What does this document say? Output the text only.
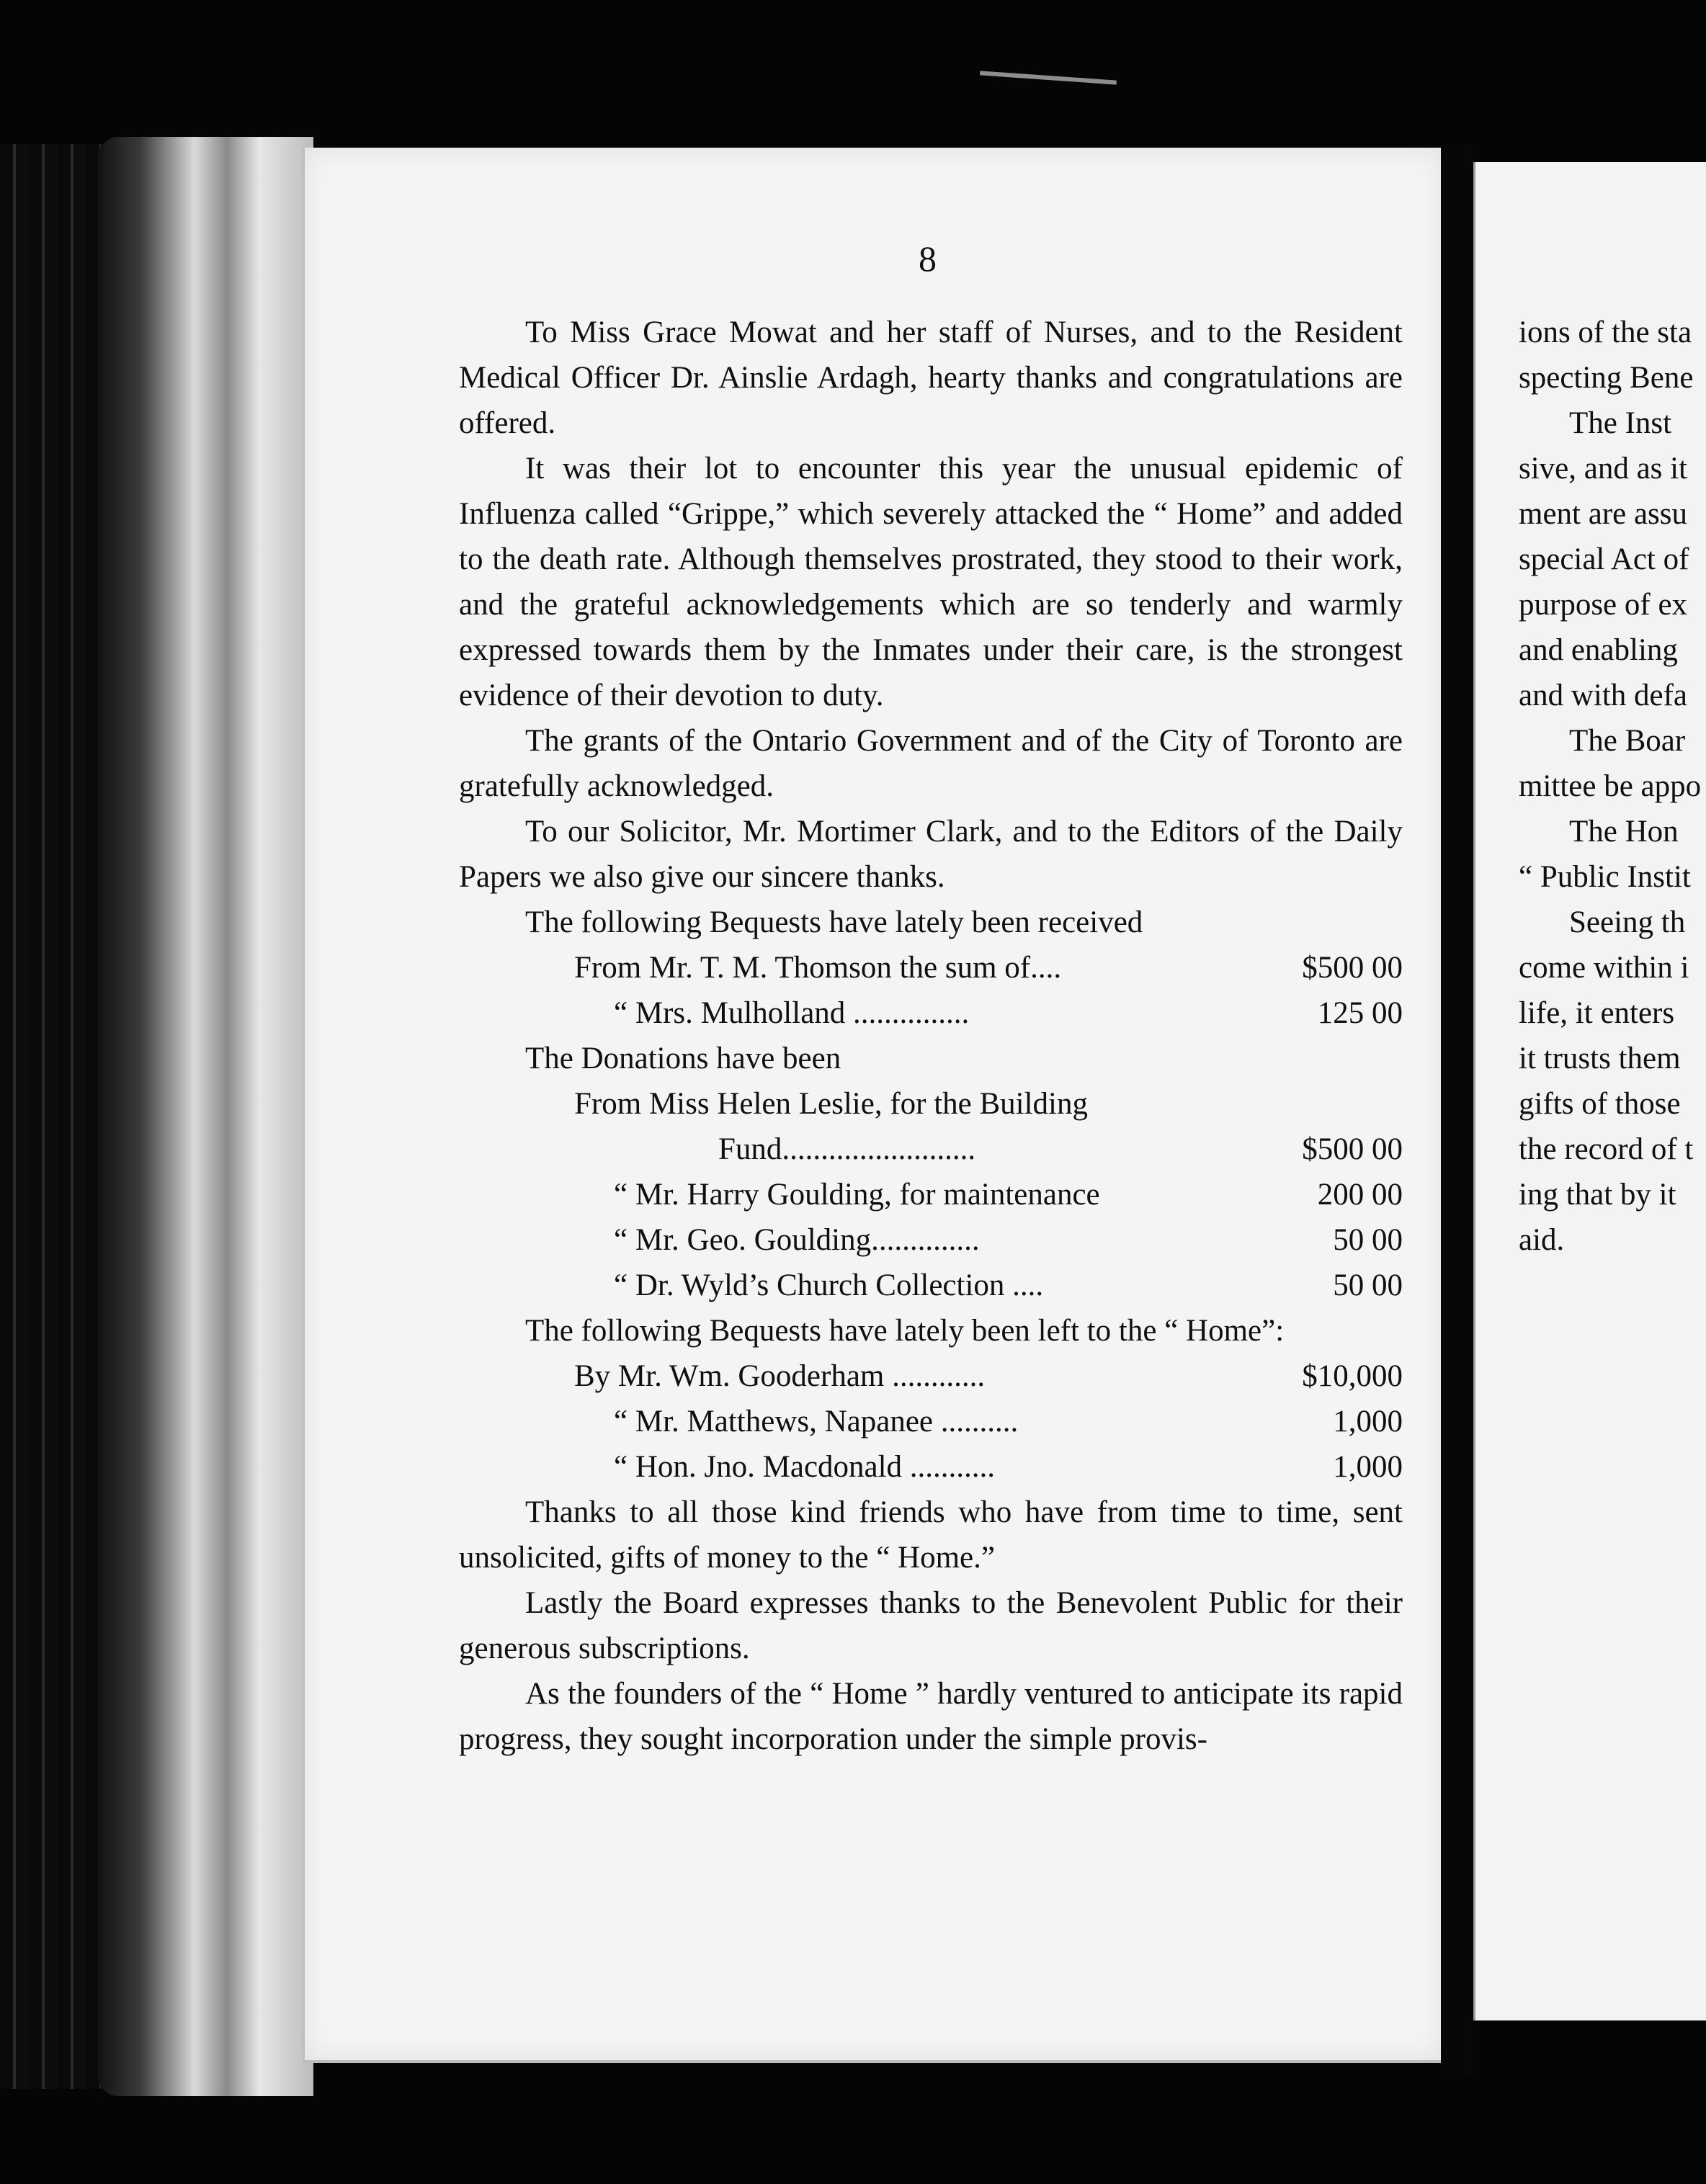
8

To Miss Grace Mowat and her staff of Nurses, and to the Resident Medical Officer Dr. Ainslie Ardagh, hearty thanks and congratulations are offered.

It was their lot to encounter this year the unusual epidemic of Influenza called “Grippe,” which severely attacked the “ Home” and added to the death rate. Although themselves prostrated, they stood to their work, and the grateful acknowledgements which are so tenderly and warmly expressed towards them by the Inmates under their care, is the strongest evidence of their devotion to duty.

The grants of the Ontario Government and of the City of Toronto are gratefully acknowledged.

To our Solicitor, Mr. Mortimer Clark, and to the Editors of the Daily Papers we also give our sincere thanks.

The following Bequests have lately been received

From Mr. T. M. Thomson the sum of....	$500 00
“ Mrs. Mulholland ...............	125 00

The Donations have been

From Miss Helen Leslie, for the Building
Fund.........................	$500 00
“ Mr. Harry Goulding, for maintenance	200 00
“ Mr. Geo. Goulding..............	50 00
“ Dr. Wyld’s Church Collection ....	50 00

The following Bequests have lately been left to the “ Home”:

By Mr. Wm. Gooderham ............	$10,000
“ Mr. Matthews, Napanee ..........	1,000
“ Hon. Jno. Macdonald ...........	1,000

Thanks to all those kind friends who have from time to time, sent unsolicited, gifts of money to the “ Home.”

Lastly the Board expresses thanks to the Benevolent Public for their generous subscriptions.

As the founders of the “ Home ” hardly ventured to anticipate its rapid progress, they sought incorporation under the simple provis-

ions of the sta
specting Bene
The Inst
sive, and as it
ment are assu
special Act of
purpose of ex
and enabling
and with defa
The Boar
mittee be appo
The Hon
“ Public Instit
Seeing th
come within i
life, it enters
it trusts them
gifts of those
the record of t
ing that by it
aid.
